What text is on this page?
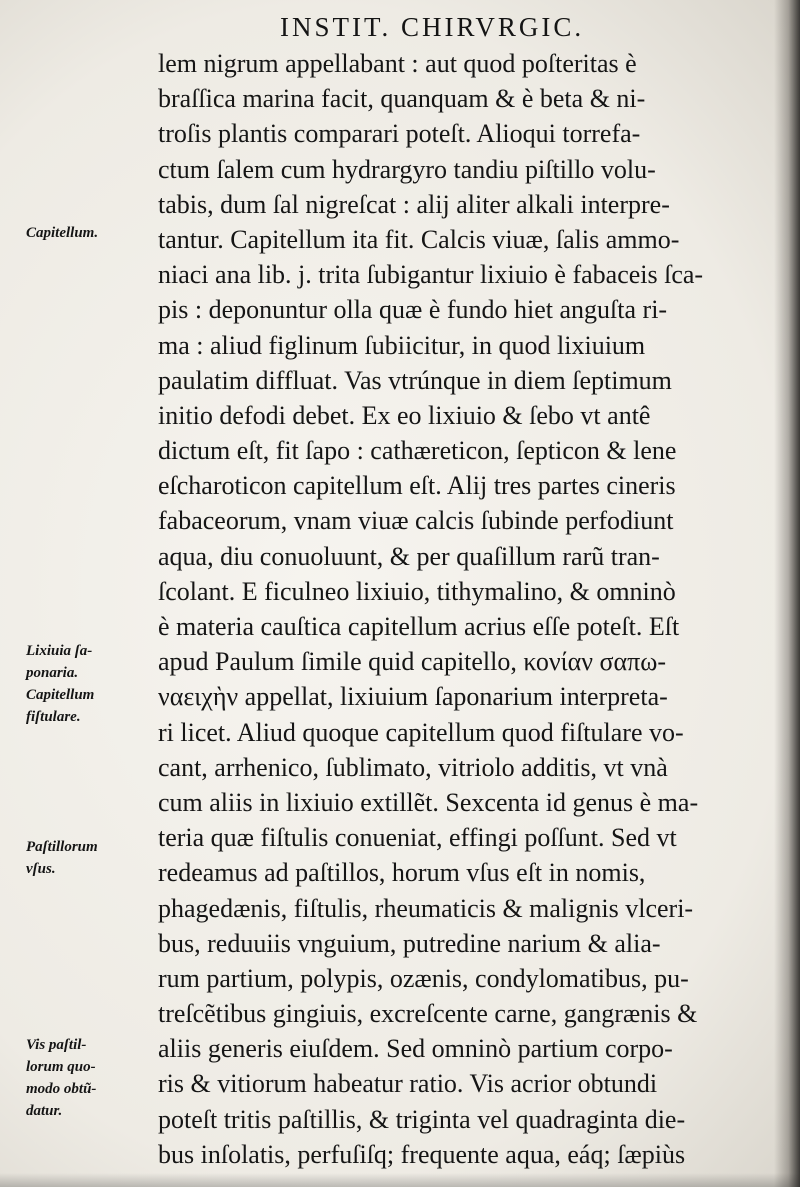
INSTIT. CHIRVRGIC.
lem nigrum appellabant : aut quod poſteritas è
braſſica marina facit, quanquam & è beta & ni-
troſis plantis comparari poteſt. Alioqui torrefa-
ctum ſalem cum hydrargyro tandiu piſtillo volu-
tabis, dum ſal nigreſcat : alij aliter alkali interpre-
tantur. Capitellum ita fit. Calcis viuæ, ſalis ammo-
niaci ana lib. j. trita ſubigantur lixiuio è fabaceis ſca-
pis : deponuntur olla quæ è fundo hiet anguſta ri-
ma : aliud figlinum ſubiicitur, in quod lixiuium
paulatim diffluat. Vas vtrúnque in diem ſeptimum
initio defodi debet. Ex eo lixiuio & ſebo vt antê
dictum eſt, fit ſapo : cathæreticon, ſepticon & lene
eſcharoticon capitellum eſt. Alij tres partes cineris
fabaceorum, vnam viuæ calcis ſubinde perfodiunt
aqua, diu conuoluunt, & per quaſillum rarũ tran-
ſcolant. E ficulneo lixiuio, tithymalino, & omninò
è materia cauſtica capitellum acrius eſſe poteſt. Eſt
apud Paulum ſimile quid capitello, κονίαν σαπω-
ναειχὴν appellat, lixiuium ſaponarium interpreta-
ri licet. Aliud quoque capitellum quod fiſtulare vo-
cant, arrhenico, ſublimato, vitriolo additis, vt vnà
cum aliis in lixiuio extillẽt. Sexcenta id genus è ma-
teria quæ fiſtulis conueniat, effingi poſſunt. Sed vt
redeamus ad paſtillos, horum vſus eſt in nomis,
phagedænis, fiſtulis, rheumaticis & malignis vlceri-
bus, reduuiis vnguium, putredine narium & alia-
rum partium, polypis, ozænis, condylomatibus, pu-
treſcẽtibus gingiuis, excreſcente carne, gangrænis &
aliis generis eiuſdem. Sed omninò partium corpo-
ris & vitiorum habeatur ratio. Vis acrior obtundi
poteſt tritis paſtillis, & triginta vel quadraginta die-
bus inſolatis, perfuſiſq; frequente aqua, eáq; ſæpiùs
Capitellum.
Lixiuia ſa-
ponaria.
Capitellum
fiſtulare.
Paſtillorum
vſus.
Vis paſtil-
lorum quo-
modo obtũ-
datur.
